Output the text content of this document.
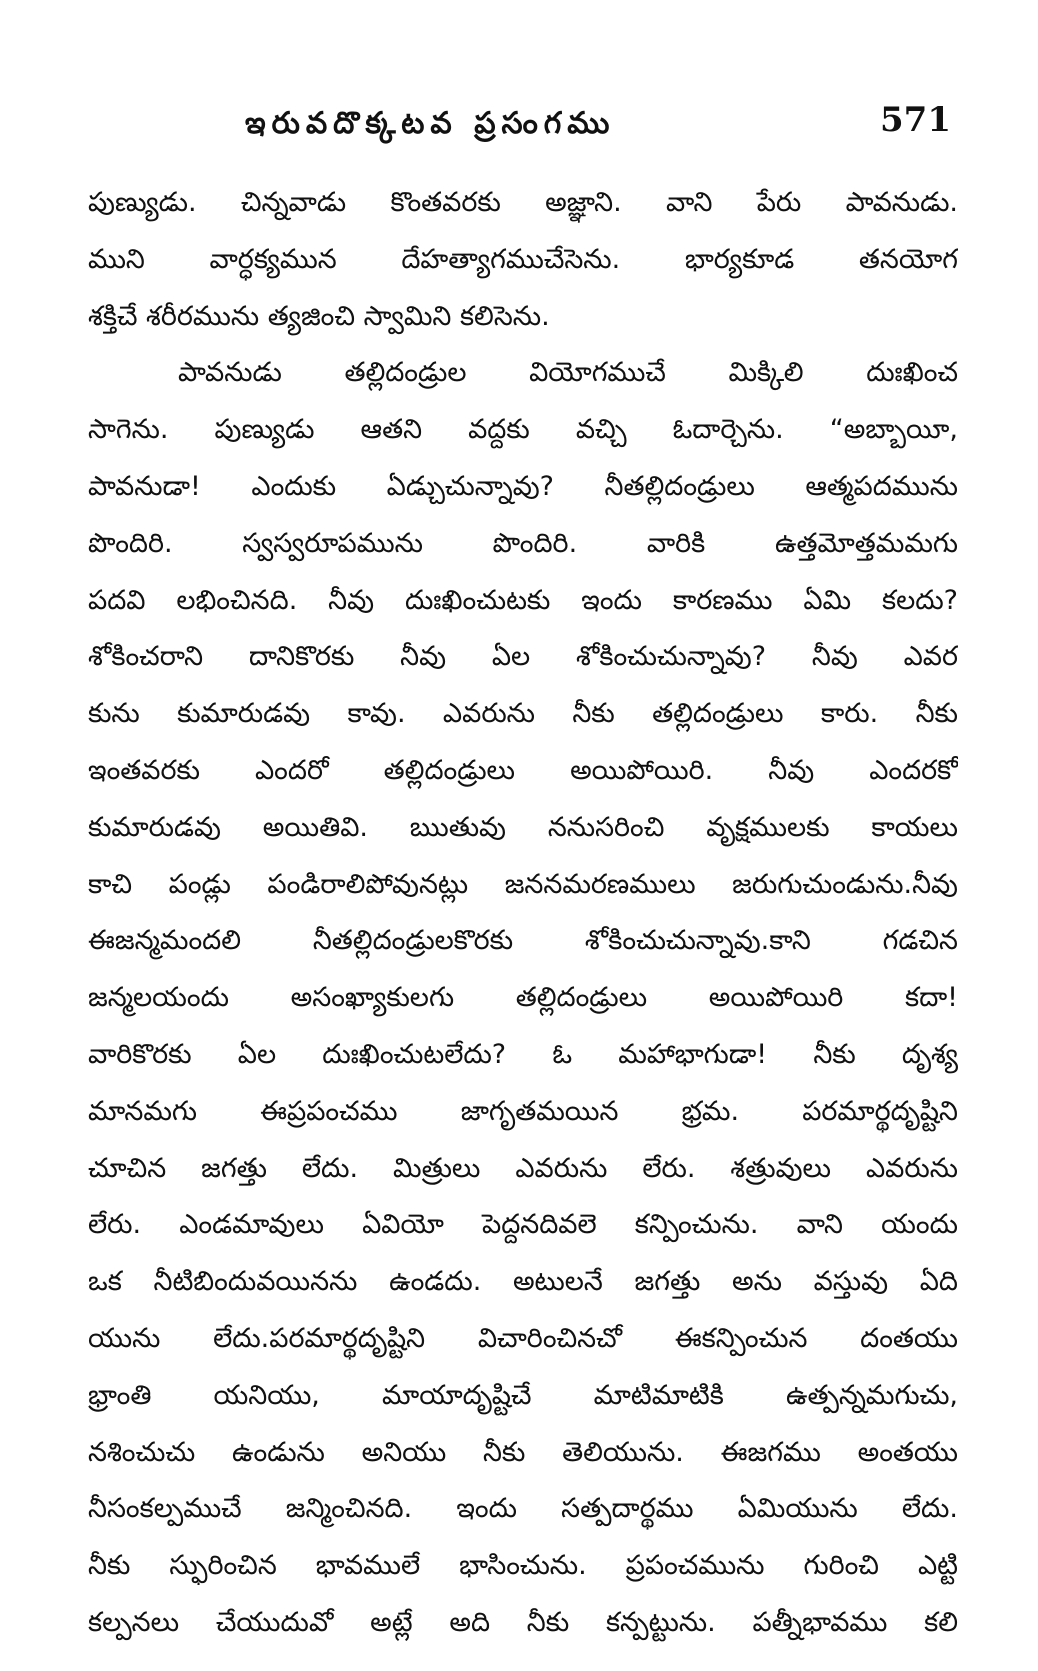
ఇరువదొక్కటవ ప్రసంగము	571
పుణ్యుడు. చిన్నవాడు కొంతవరకు అజ్ఞాని. వాని పేరు పావనుడు.
ముని వార్ధక్యమున దేహత్యాగముచేసెను. భార్యకూడ తనయోగ
శక్తిచే శరీరమును త్యజించి స్వామిని కలిసెను.
పావనుడు తల్లిదండ్రుల వియోగముచే మిక్కిలి దుఃఖించ
సాగెను. పుణ్యుడు ఆతని వద్దకు వచ్చి ఓదార్చెను. “అబ్బాయీ,
పావనుడా! ఎందుకు ఏడ్చుచున్నావు? నీతల్లిదండ్రులు ఆత్మపదమును
పొందిరి. స్వస్వరూపమును పొందిరి. వారికి ఉత్తమోత్తమమగు
పదవి లభించినది. నీవు దుఃఖించుటకు ఇందు కారణము ఏమి కలదు?
శోకించరాని దానికొరకు నీవు ఏల శోకించుచున్నావు? నీవు ఎవర
కును కుమారుడవు కావు. ఎవరును నీకు తల్లిదండ్రులు కారు. నీకు
ఇంతవరకు ఎందరో తల్లిదండ్రులు అయిపోయిరి. నీవు ఎందరకో
కుమారుడవు అయితివి. ఋతువు ననుసరించి వృక్షములకు కాయలు
కాచి పండ్లు పండిరాలిపోవునట్లు జననమరణములు జరుగుచుండును.నీవు
ఈజన్మమందలి నీతల్లిదండ్రులకొరకు శోకించుచున్నావు.కాని గడచిన
జన్మలయందు అసంఖ్యాకులగు తల్లిదండ్రులు అయిపోయిరి కదా!
వారికొరకు ఏల దుఃఖించుటలేదు? ఓ మహాభాగుడా! నీకు దృశ్య
మానమగు ఈప్రపంచము జాగృతమయిన భ్రమ. పరమార్థదృష్టిని
చూచిన జగత్తు లేదు. మిత్రులు ఎవరును లేరు. శత్రువులు ఎవరును
లేరు. ఎండమావులు ఏవియో పెద్దనదివలె కన్పించును. వాని యందు
ఒక నీటిబిందువయినను ఉండదు. అటులనే జగత్తు అను వస్తువు ఏది
యును లేదు.పరమార్థదృష్టిని విచారించినచో ఈకన్పించున దంతయు
భ్రాంతి యనియు, మాయాదృష్టిచే మాటిమాటికి ఉత్పన్నమగుచు,
నశించుచు ఉండును అనియు నీకు తెలియును. ఈజగము అంతయు
నీసంకల్పముచే జన్మించినది. ఇందు సత్పదార్థము ఏమియును లేదు.
నీకు స్ఫురించిన భావములే భాసించును. ప్రపంచమును గురించి ఎట్టి
కల్పనలు చేయుదువో అట్లే అది నీకు కన్పట్టును. పత్నీభావము కలి
